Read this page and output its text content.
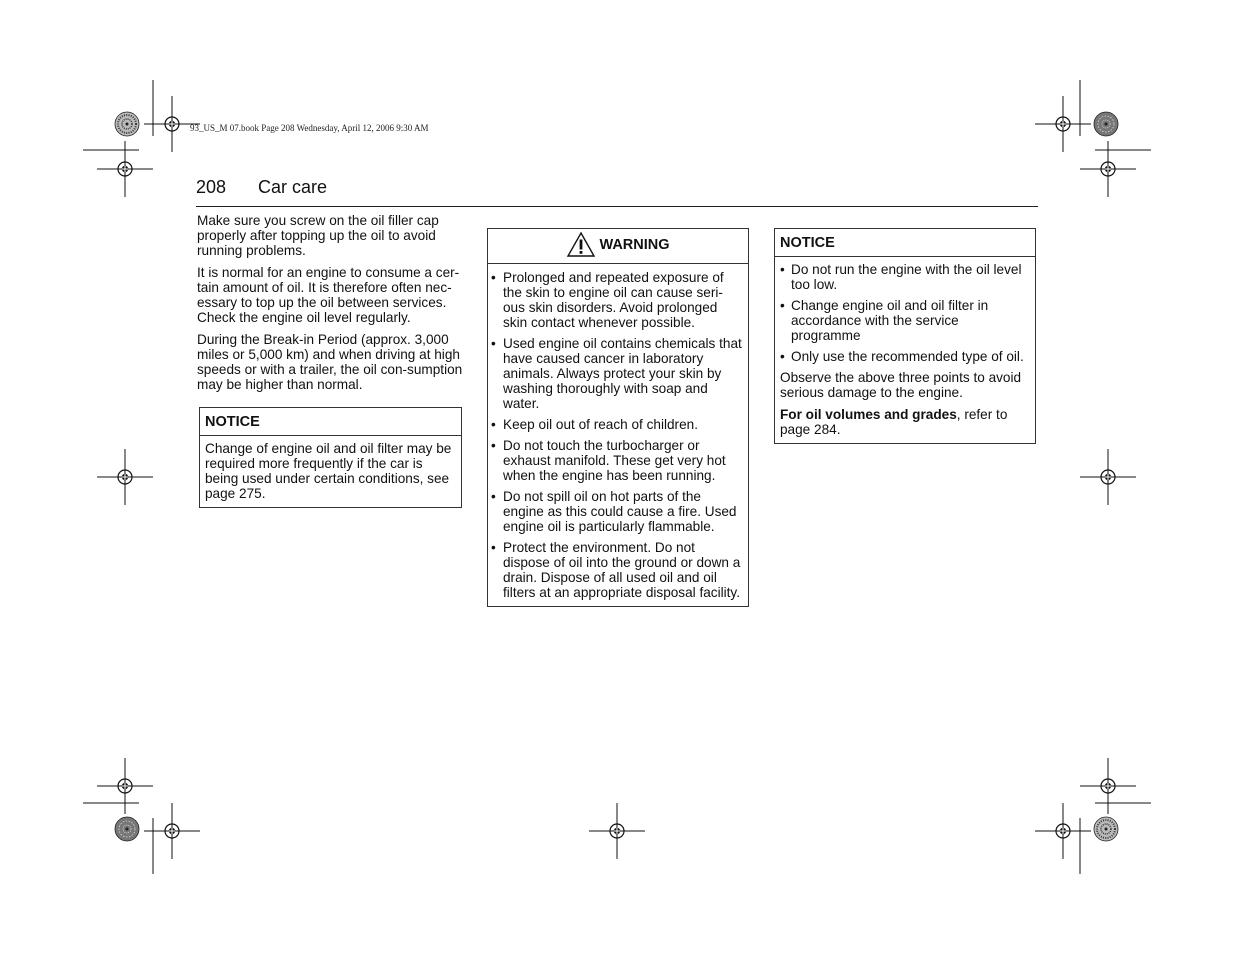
93_US_M 07.book Page 208 Wednesday, April 12, 2006 9:30 AM
208 Car care

Make sure you screw on the oil filler cap properly after topping up the oil to avoid running problems.

It is normal for an engine to consume a cer-tain amount of oil. It is therefore often nec-essary to top up the oil between services. Check the engine oil level regularly.

During the Break-in Period (approx. 3,000 miles or 5,000 km) and when driving at high speeds or with a trailer, the oil con-sumption may be higher than normal.

NOTICE

Change of engine oil and oil filter may be required more frequently if the car is being used under certain conditions, see page 275.

WARNING
• Prolonged and repeated exposure of the skin to engine oil can cause seri-ous skin disorders. Avoid prolonged skin contact whenever possible.
• Used engine oil contains chemicals that have caused cancer in laboratory animals. Always protect your skin by washing thoroughly with soap and water.
• Keep oil out of reach of children.
• Do not touch the turbocharger or exhaust manifold. These get very hot when the engine has been running.
• Do not spill oil on hot parts of the engine as this could cause a fire. Used engine oil is particularly flammable.
• Protect the environment. Do not dispose of oil into the ground or down a drain. Dispose of all used oil and oil filters at an appropriate disposal facility.
NOTICE
• Do not run the engine with the oil level too low.
• Change engine oil and oil filter in accordance with the service programme
• Only use the recommended type of oil.

Observe the above three points to avoid serious damage to the engine.

For oil volumes and grades, refer to page 284.
